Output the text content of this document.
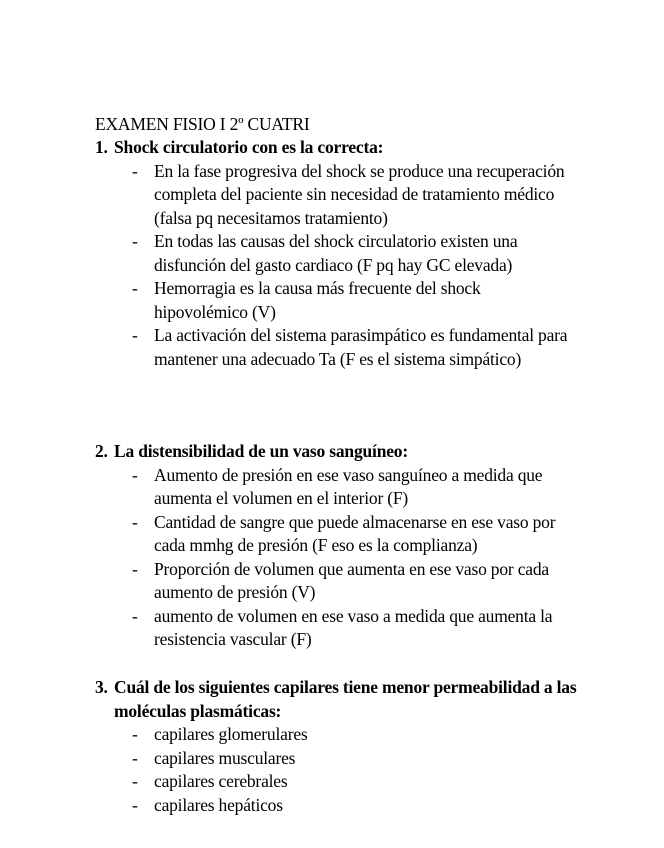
EXAMEN FISIO I 2º CUATRI
1. Shock circulatorio con es la correcta:
- En la fase progresiva del shock se produce una recuperación completa del paciente sin necesidad de tratamiento médico (falsa pq necesitamos tratamiento)
- En todas las causas del shock circulatorio existen una disfunción del gasto cardiaco (F pq hay GC elevada)
- Hemorragia es la causa más frecuente del shock hipovolémico (V)
- La activación del sistema parasimpático es fundamental para mantener una adecuado Ta (F es el sistema simpático)
2. La distensibilidad de un vaso sanguíneo:
- Aumento de presión en ese vaso sanguíneo a medida que aumenta el volumen en el interior (F)
- Cantidad de sangre que puede almacenarse en ese vaso por cada mmhg de presión (F eso es la complianza)
- Proporción de volumen que aumenta en ese vaso por cada aumento de presión (V)
- aumento de volumen en ese vaso a medida que aumenta la resistencia vascular (F)
3. Cuál de los siguientes capilares tiene menor permeabilidad a las moléculas plasmáticas:
- capilares glomerulares
- capilares musculares
- capilares cerebrales
- capilares hepáticos
